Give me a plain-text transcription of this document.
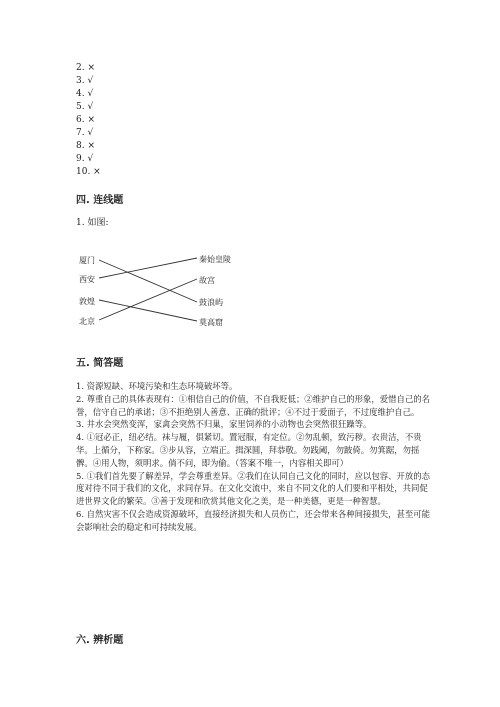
2. ×
3. √
4. √
5. √
6. ×
7. √
8. ×
9. √
10. ×
四. 连线题
1. 如图:
厦门
西安
敦煌
北京
秦始皇陵
故宫
鼓浪屿
莫高窟
五. 简答题
1. 资源短缺、环境污染和生态环境破坏等。
2. 尊重自己的具体表现有：①相信自己的价值，不自我贬低；②维护自己的形象，爱惜自己的名誉，信守自己的承诺；③不拒绝别人善意、正确的批评；④不过于爱面子，不过度维护自己。
3. 井水会突然变浑，家禽会突然不归巢，家里饲养的小动物也会突然很狂躁等。
4. ①冠必正，纽必结。袜与履，俱紧切。置冠服，有定位。②勿乱顿，致污秽。衣贵洁，不贵华。上循分，下称家。③步从容，立端正。揖深圆，拜恭敬。勿践阈，勿跛倚。勿箕踞，勿摇髀。④用人物，须明求。倘不问，即为偷。（答案不唯一，内容相关即可）
5. ①我们首先要了解差异，学会尊重差异。②我们在认同自己文化的同时，应以包容、开放的态度对待不同于我们的文化，求同存异。在文化交流中，来自不同文化的人们要和平相处，共同促进世界文化的繁荣。③善于发现和欣赏其他文化之美，是一种美德，更是一种智慧。
6. 自然灾害不仅会造成资源破坏，直接经济损失和人员伤亡，还会带来各种间接损失，甚至可能会影响社会的稳定和可持续发展。
六. 辨析题
